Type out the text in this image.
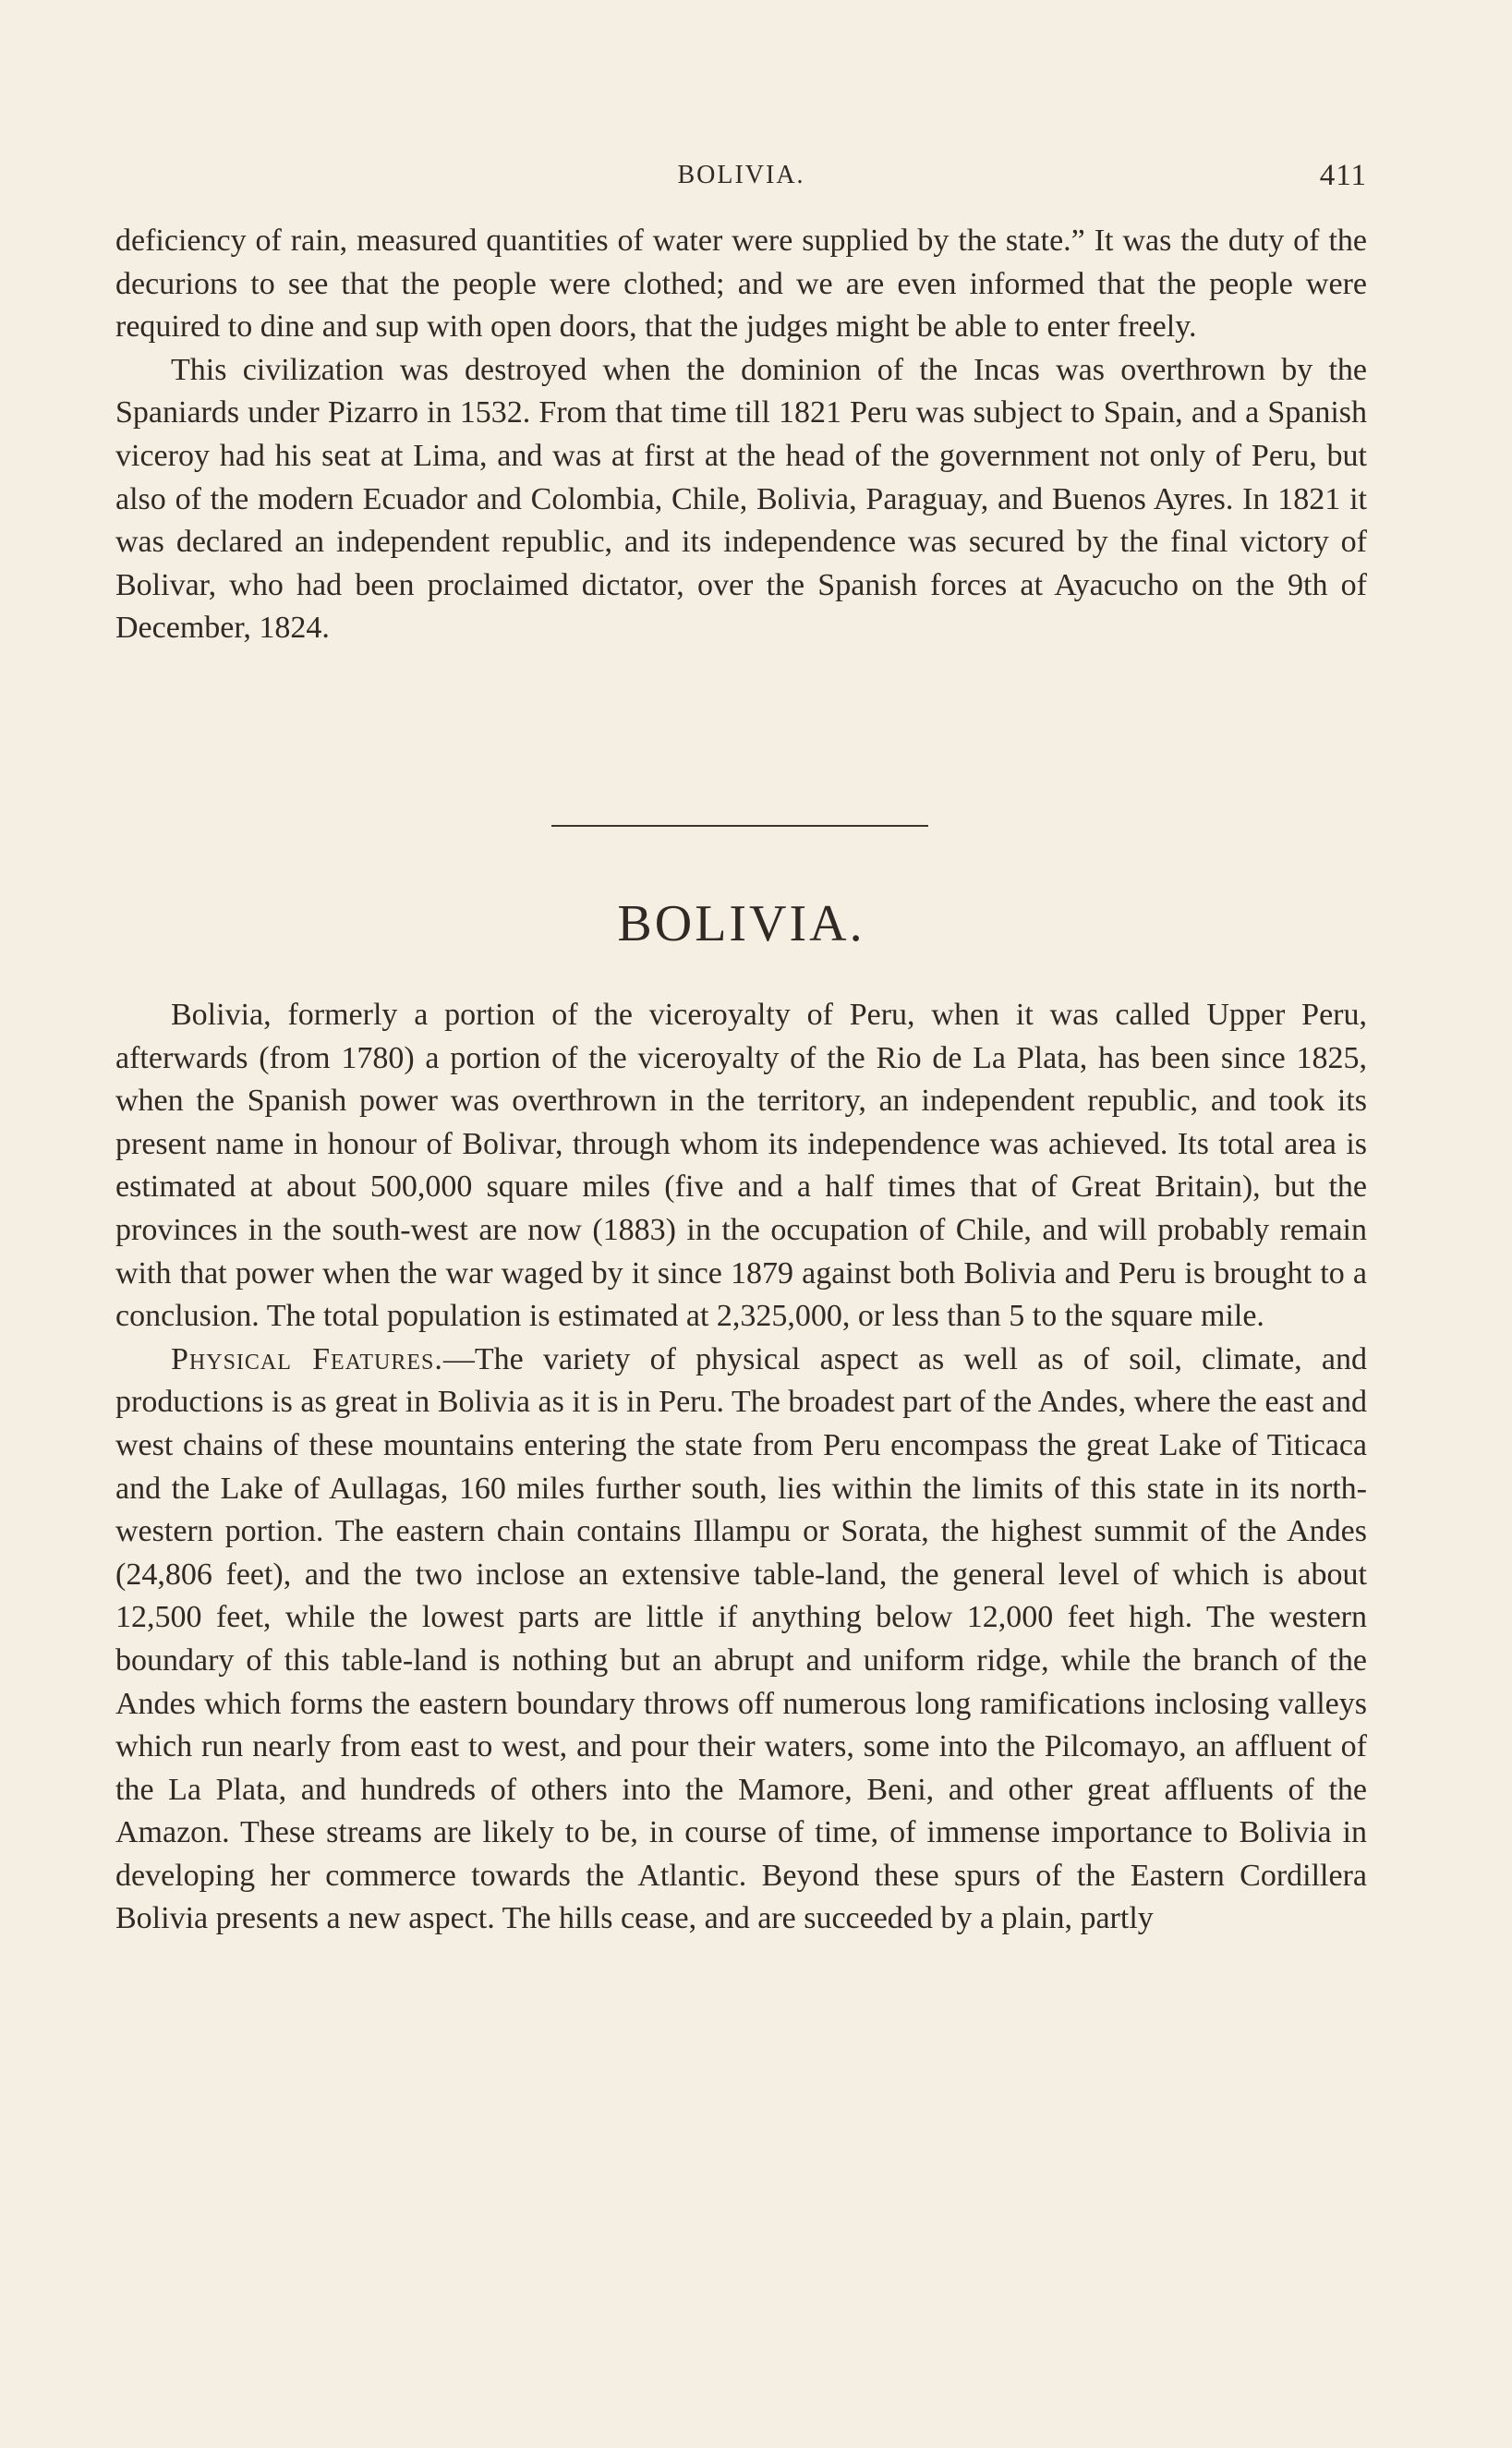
BOLIVIA.	411

deficiency of rain, measured quantities of water were supplied by the state.” It was the duty of the decurions to see that the people were clothed; and we are even informed that the people were required to dine and sup with open doors, that the judges might be able to enter freely.

This civilization was destroyed when the dominion of the Incas was overthrown by the Spaniards under Pizarro in 1532. From that time till 1821 Peru was subject to Spain, and a Spanish viceroy had his seat at Lima, and was at first at the head of the government not only of Peru, but also of the modern Ecuador and Colombia, Chile, Bolivia, Paraguay, and Buenos Ayres. In 1821 it was declared an independent republic, and its independence was secured by the final victory of Bolivar, who had been proclaimed dictator, over the Spanish forces at Ayacucho on the 9th of December, 1824.

BOLIVIA.

Bolivia, formerly a portion of the viceroyalty of Peru, when it was called Upper Peru, afterwards (from 1780) a portion of the viceroyalty of the Rio de La Plata, has been since 1825, when the Spanish power was overthrown in the territory, an independent republic, and took its present name in honour of Bolivar, through whom its independence was achieved. Its total area is estimated at about 500,000 square miles (five and a half times that of Great Britain), but the provinces in the south-west are now (1883) in the occupation of Chile, and will probably remain with that power when the war waged by it since 1879 against both Bolivia and Peru is brought to a conclusion. The total population is estimated at 2,325,000, or less than 5 to the square mile.

Physical Features.—The variety of physical aspect as well as of soil, climate, and productions is as great in Bolivia as it is in Peru. The broadest part of the Andes, where the east and west chains of these mountains entering the state from Peru encompass the great Lake of Titicaca and the Lake of Aullagas, 160 miles further south, lies within the limits of this state in its north-western portion. The eastern chain contains Illampu or Sorata, the highest summit of the Andes (24,806 feet), and the two inclose an extensive table-land, the general level of which is about 12,500 feet, while the lowest parts are little if anything below 12,000 feet high. The western boundary of this table-land is nothing but an abrupt and uniform ridge, while the branch of the Andes which forms the eastern boundary throws off numerous long ramifications inclosing valleys which run nearly from east to west, and pour their waters, some into the Pilcomayo, an affluent of the La Plata, and hundreds of others into the Mamore, Beni, and other great affluents of the Amazon. These streams are likely to be, in course of time, of immense importance to Bolivia in developing her commerce towards the Atlantic. Beyond these spurs of the Eastern Cordillera Bolivia presents a new aspect. The hills cease, and are succeeded by a plain, partly
